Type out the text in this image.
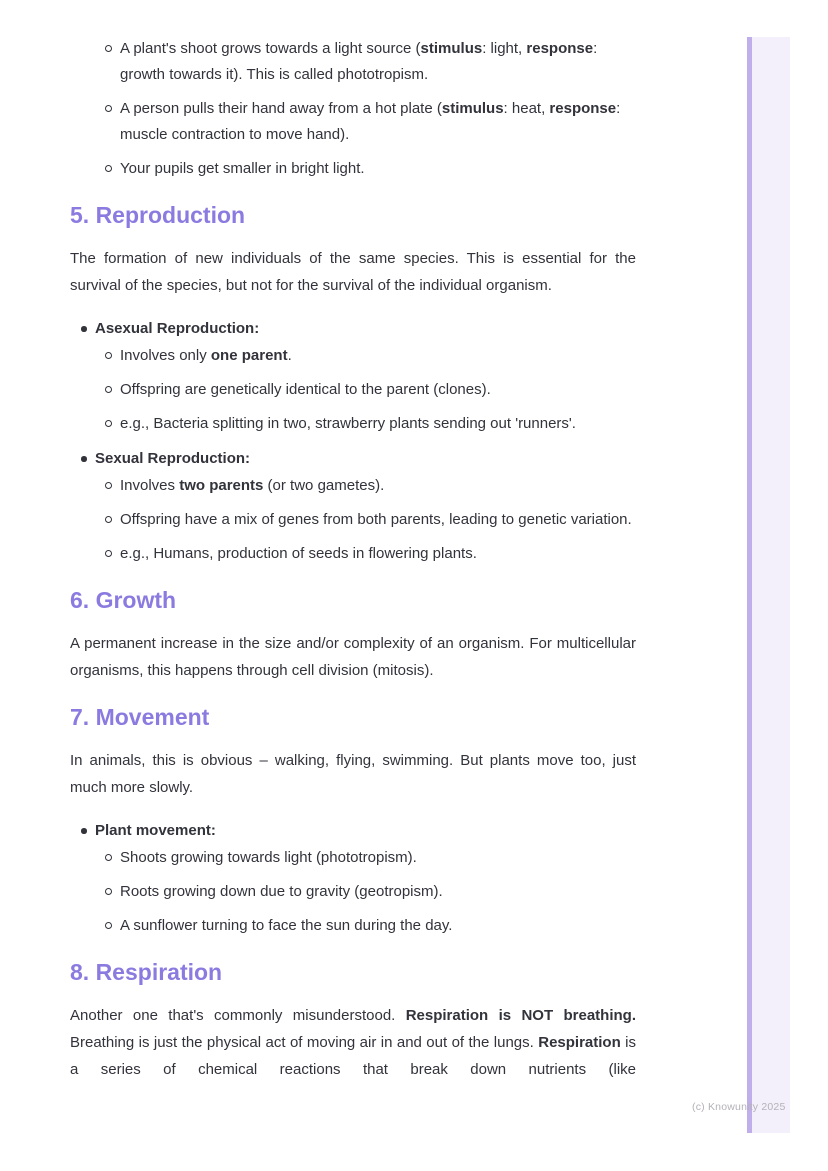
A plant's shoot grows towards a light source (stimulus: light, response: growth towards it). This is called phototropism.
A person pulls their hand away from a hot plate (stimulus: heat, response: muscle contraction to move hand).
Your pupils get smaller in bright light.
5. Reproduction

The formation of new individuals of the same species. This is essential for the survival of the species, but not for the survival of the individual organism.

Asexual Reproduction:
Involves only one parent.
Offspring are genetically identical to the parent (clones).
e.g., Bacteria splitting in two, strawberry plants sending out 'runners'.
Sexual Reproduction:
Involves two parents (or two gametes).
Offspring have a mix of genes from both parents, leading to genetic variation.
e.g., Humans, production of seeds in flowering plants.
6. Growth

A permanent increase in the size and/or complexity of an organism. For multicellular organisms, this happens through cell division (mitosis).

7. Movement

In animals, this is obvious – walking, flying, swimming. But plants move too, just much more slowly.

Plant movement:
Shoots growing towards light (phototropism).
Roots growing down due to gravity (geotropism).
A sunflower turning to face the sun during the day.
8. Respiration

Another one that's commonly misunderstood. Respiration is NOT breathing. Breathing is just the physical act of moving air in and out of the lungs. Respiration is a series of chemical reactions that break down nutrients (like

(c) Knowunity 2025
